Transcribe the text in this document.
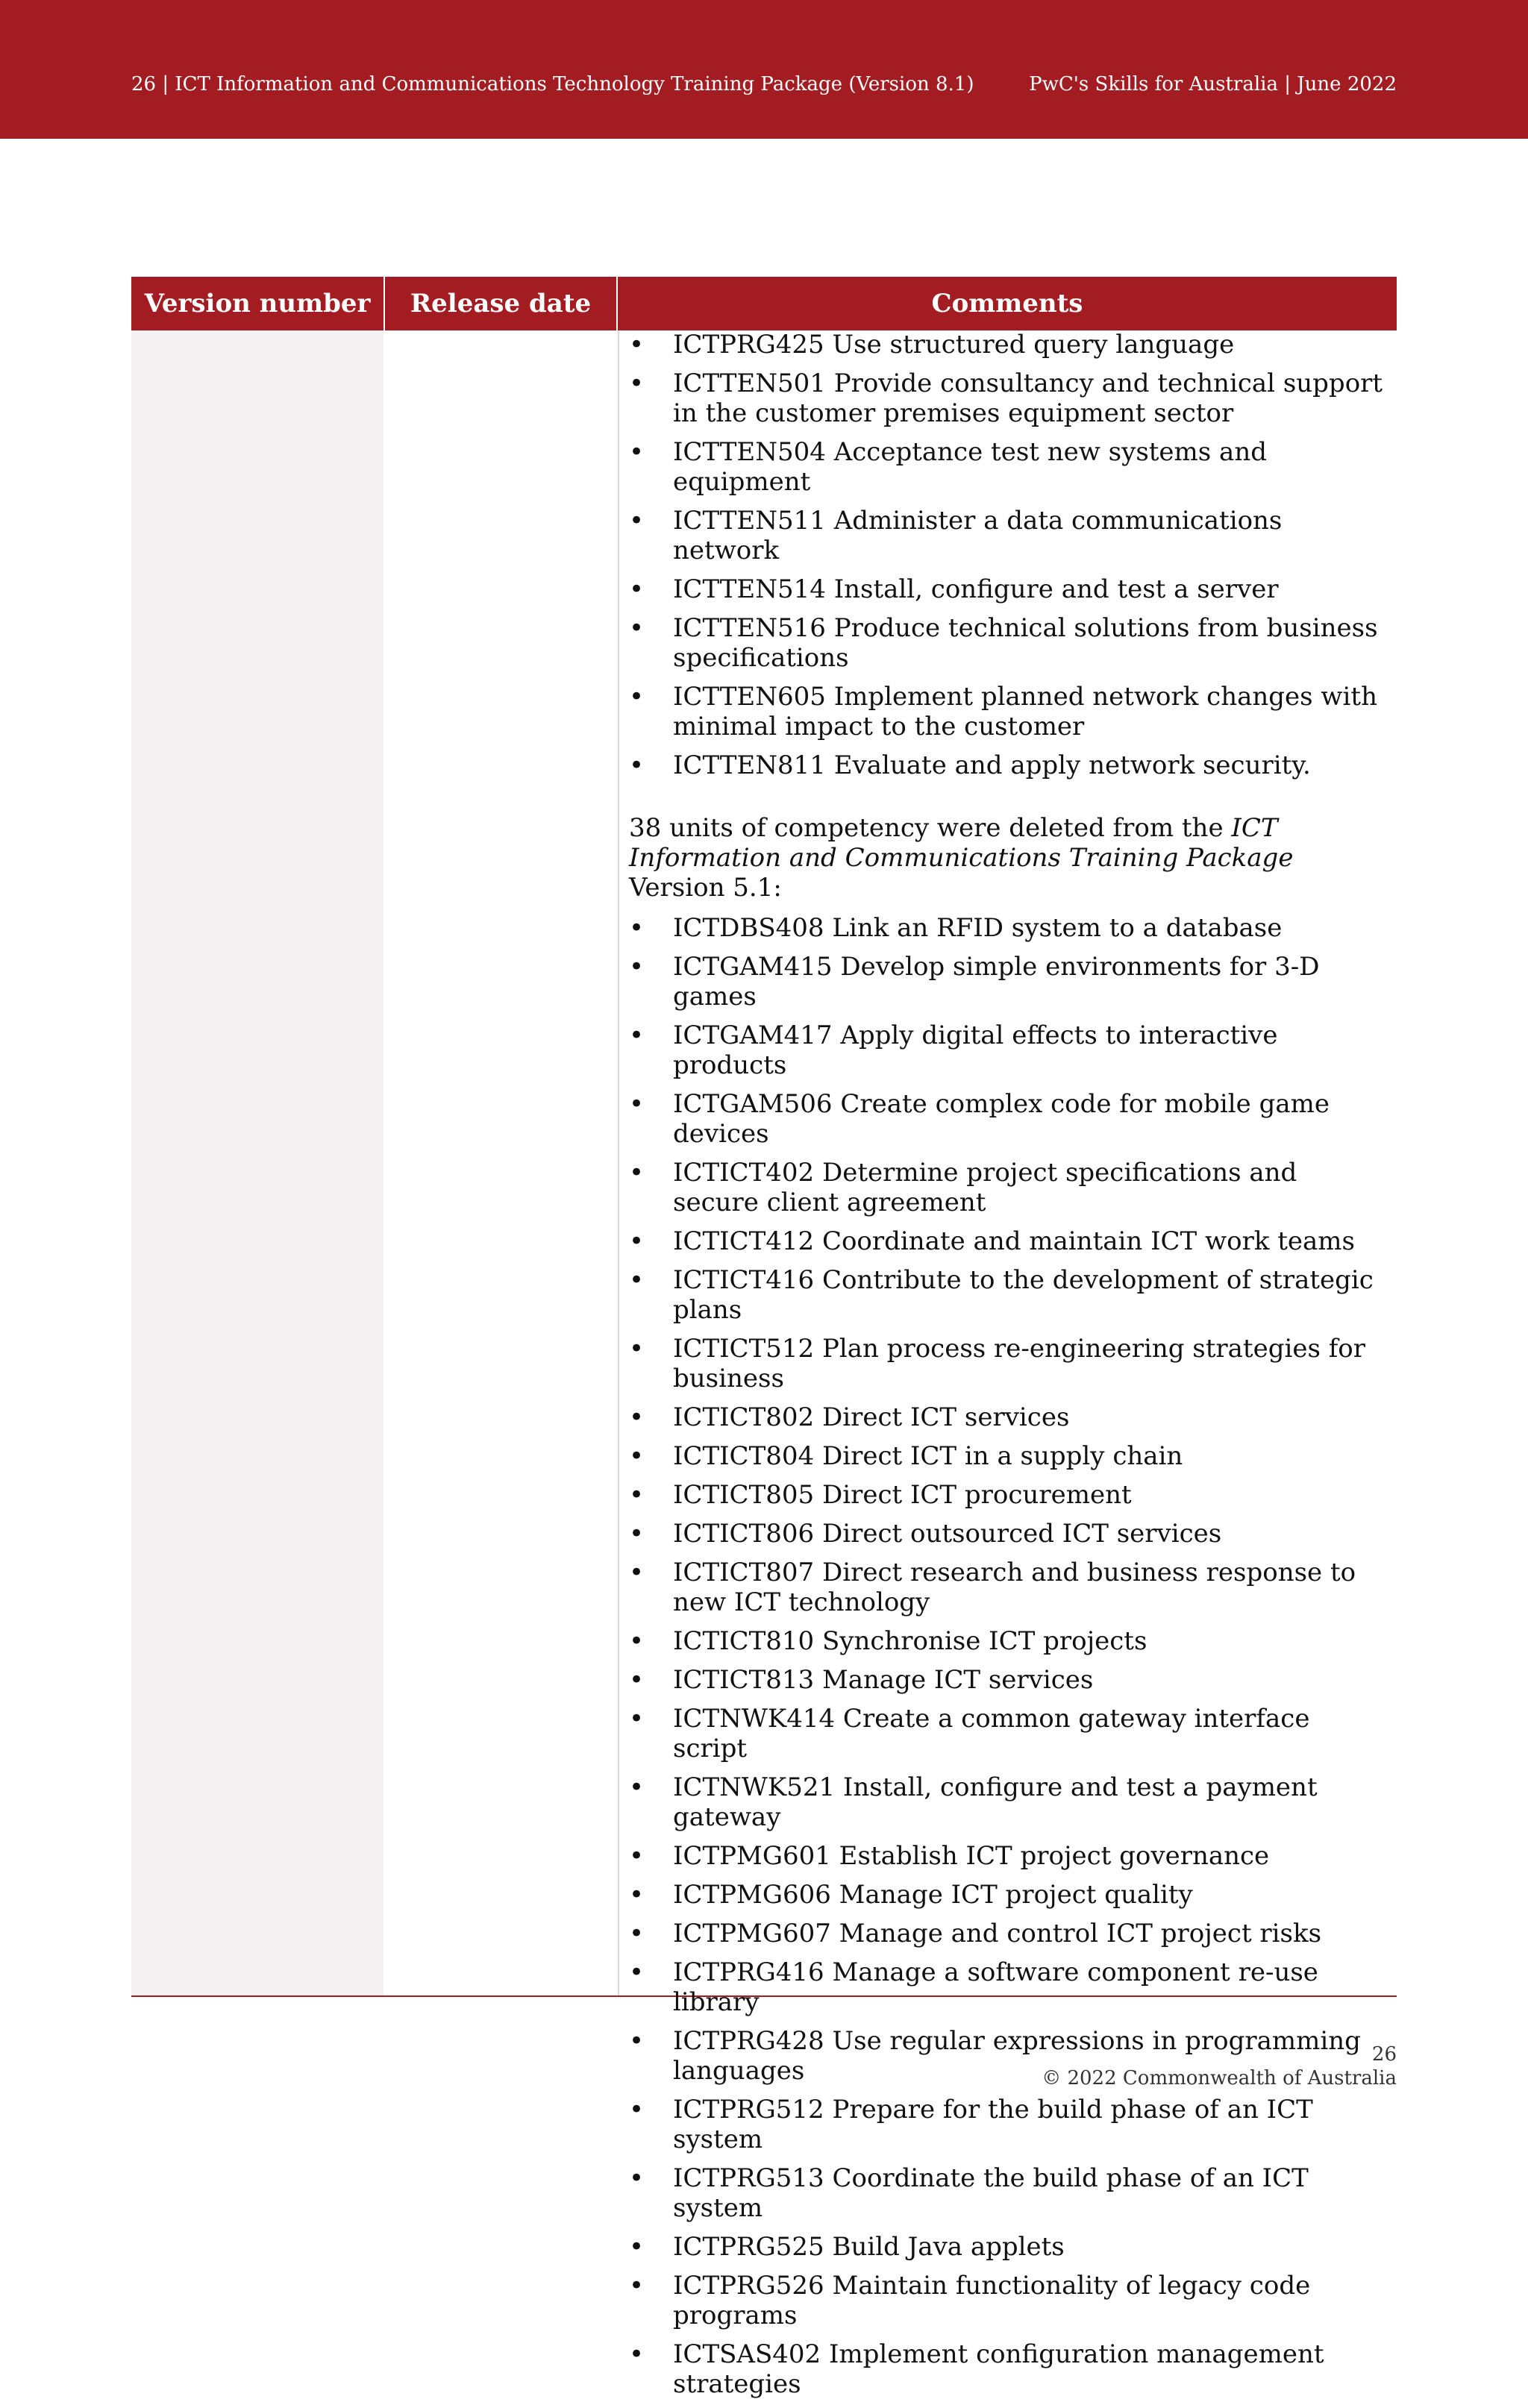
26 | ICT Information and Communications Technology Training Package (Version 8.1)	PwC's Skills for Australia | June 2022
Version number	Release date	Comments
•	ICTPRG425 Use structured query language
•	ICTTEN501 Provide consultancy and technical support in the customer premises equipment sector
•	ICTTEN504 Acceptance test new systems and equipment
•	ICTTEN511 Administer a data communications network
•	ICTTEN514 Install, configure and test a server
•	ICTTEN516 Produce technical solutions from business specifications
•	ICTTEN605 Implement planned network changes with minimal impact to the customer
•	ICTTEN811 Evaluate and apply network security.

38 units of competency were deleted from the ICT Information and Communications Training Package Version 5.1:

•	ICTDBS408 Link an RFID system to a database
•	ICTGAM415 Develop simple environments for 3-D games
•	ICTGAM417 Apply digital effects to interactive products
•	ICTGAM506 Create complex code for mobile game devices
•	ICTICT402 Determine project specifications and secure client agreement
•	ICTICT412 Coordinate and maintain ICT work teams
•	ICTICT416 Contribute to the development of strategic plans
•	ICTICT512 Plan process re-engineering strategies for business
•	ICTICT802 Direct ICT services
•	ICTICT804 Direct ICT in a supply chain
•	ICTICT805 Direct ICT procurement
•	ICTICT806 Direct outsourced ICT services
•	ICTICT807 Direct research and business response to new ICT technology
•	ICTICT810 Synchronise ICT projects
•	ICTICT813 Manage ICT services
•	ICTNWK414 Create a common gateway interface script
•	ICTNWK521 Install, configure and test a payment gateway
•	ICTPMG601 Establish ICT project governance
•	ICTPMG606 Manage ICT project quality
•	ICTPMG607 Manage and control ICT project risks
•	ICTPRG416 Manage a software component re-use library
•	ICTPRG428 Use regular expressions in programming languages
•	ICTPRG512 Prepare for the build phase of an ICT system
•	ICTPRG513 Coordinate the build phase of an ICT system
•	ICTPRG525 Build Java applets
•	ICTPRG526 Maintain functionality of legacy code programs
•	ICTSAS402 Implement configuration management strategies
26
© 2022 Commonwealth of Australia
